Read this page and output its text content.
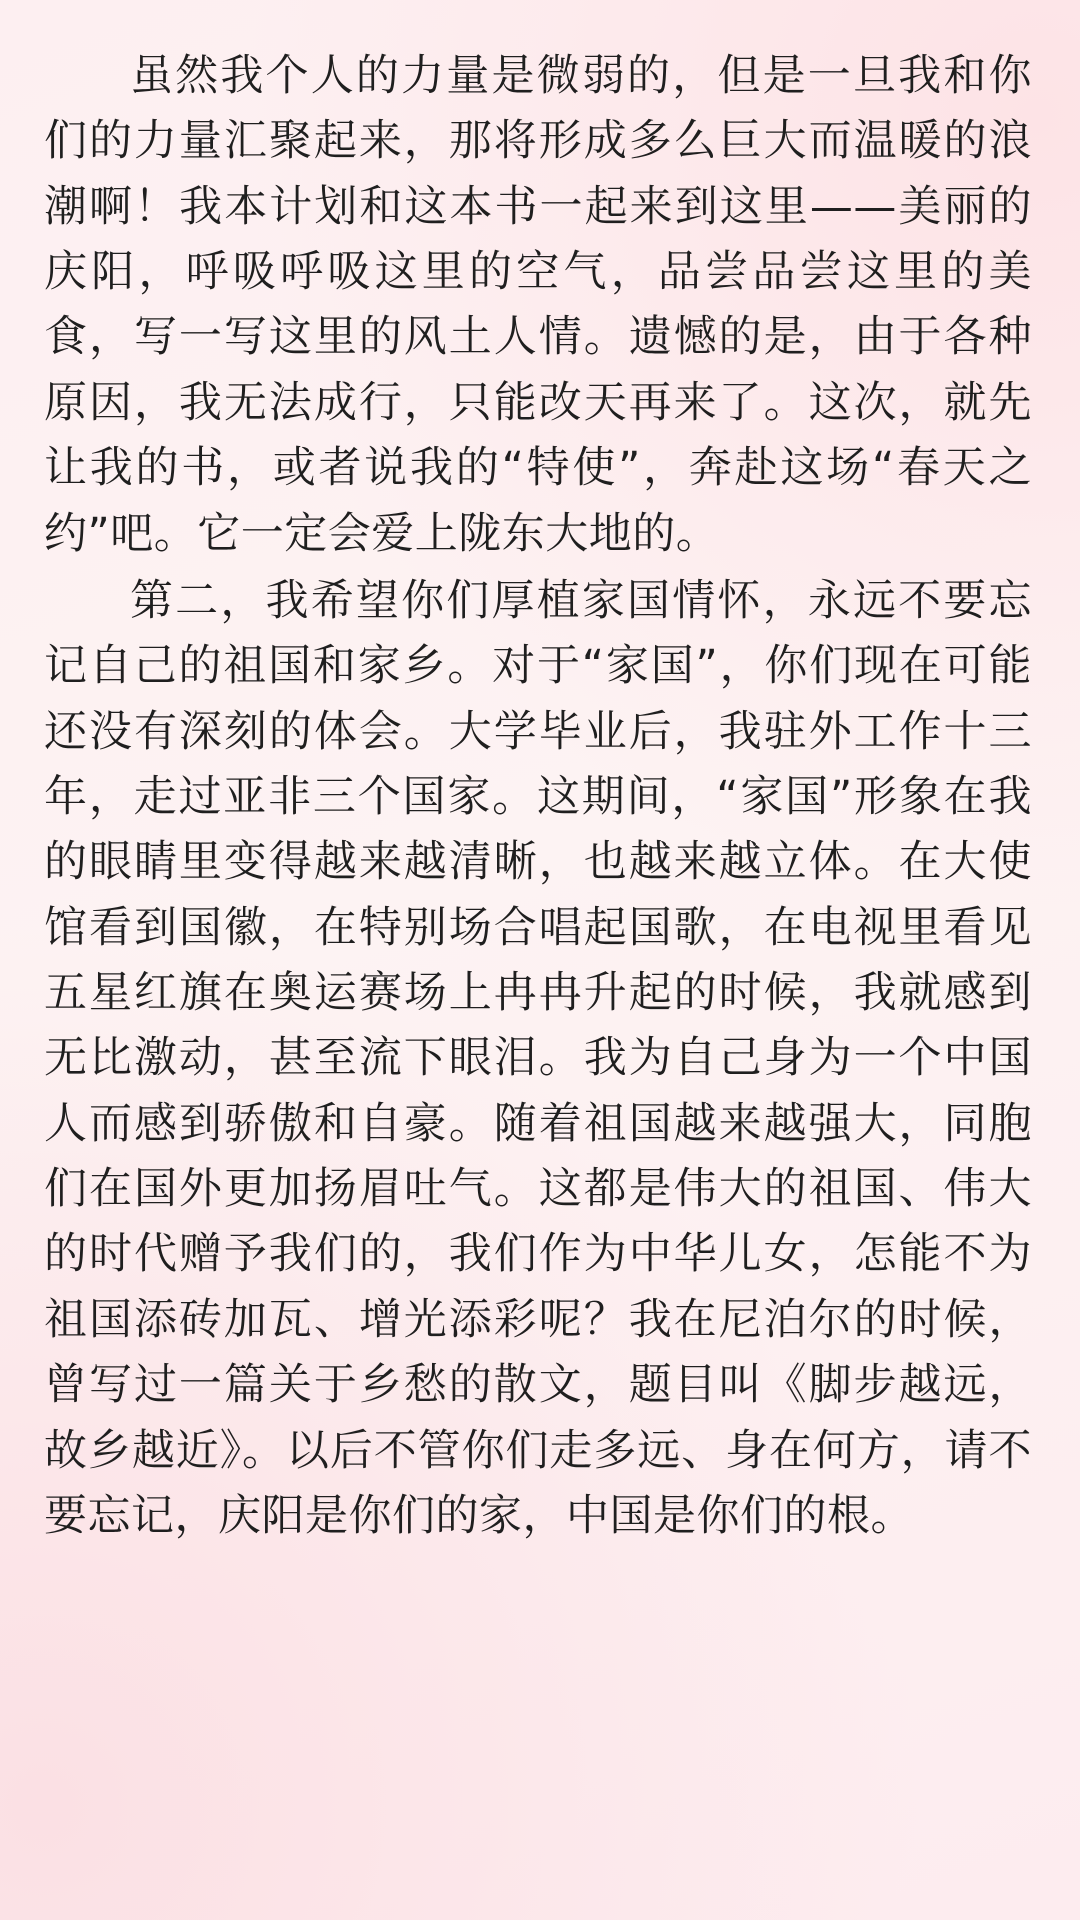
虽然我个人的力量是微弱的，但是一旦我和你们的力量汇聚起来，那将形成多么巨大而温暖的浪潮啊！我本计划和这本书一起来到这里——美丽的庆阳，呼吸呼吸这里的空气，品尝品尝这里的美食，写一写这里的风土人情。遗憾的是，由于各种原因，我无法成行，只能改天再来了。这次，就先让我的书，或者说我的“特使”，奔赴这场“春天之约”吧。它一定会爱上陇东大地的。

第二，我希望你们厚植家国情怀，永远不要忘记自己的祖国和家乡。对于“家国”，你们现在可能还没有深刻的体会。大学毕业后，我驻外工作十三年，走过亚非三个国家。这期间，“家国”形象在我的眼睛里变得越来越清晰，也越来越立体。在大使馆看到国徽，在特别场合唱起国歌，在电视里看见五星红旗在奥运赛场上冉冉升起的时候，我就感到无比激动，甚至流下眼泪。我为自己身为一个中国人而感到骄傲和自豪。随着祖国越来越强大，同胞们在国外更加扬眉吐气。这都是伟大的祖国、伟大的时代赠予我们的，我们作为中华儿女，怎能不为祖国添砖加瓦、增光添彩呢？我在尼泊尔的时候，曾写过一篇关于乡愁的散文，题目叫《脚步越远，故乡越近》。以后不管你们走多远、身在何方，请不要忘记，庆阳是你们的家，中国是你们的根。
